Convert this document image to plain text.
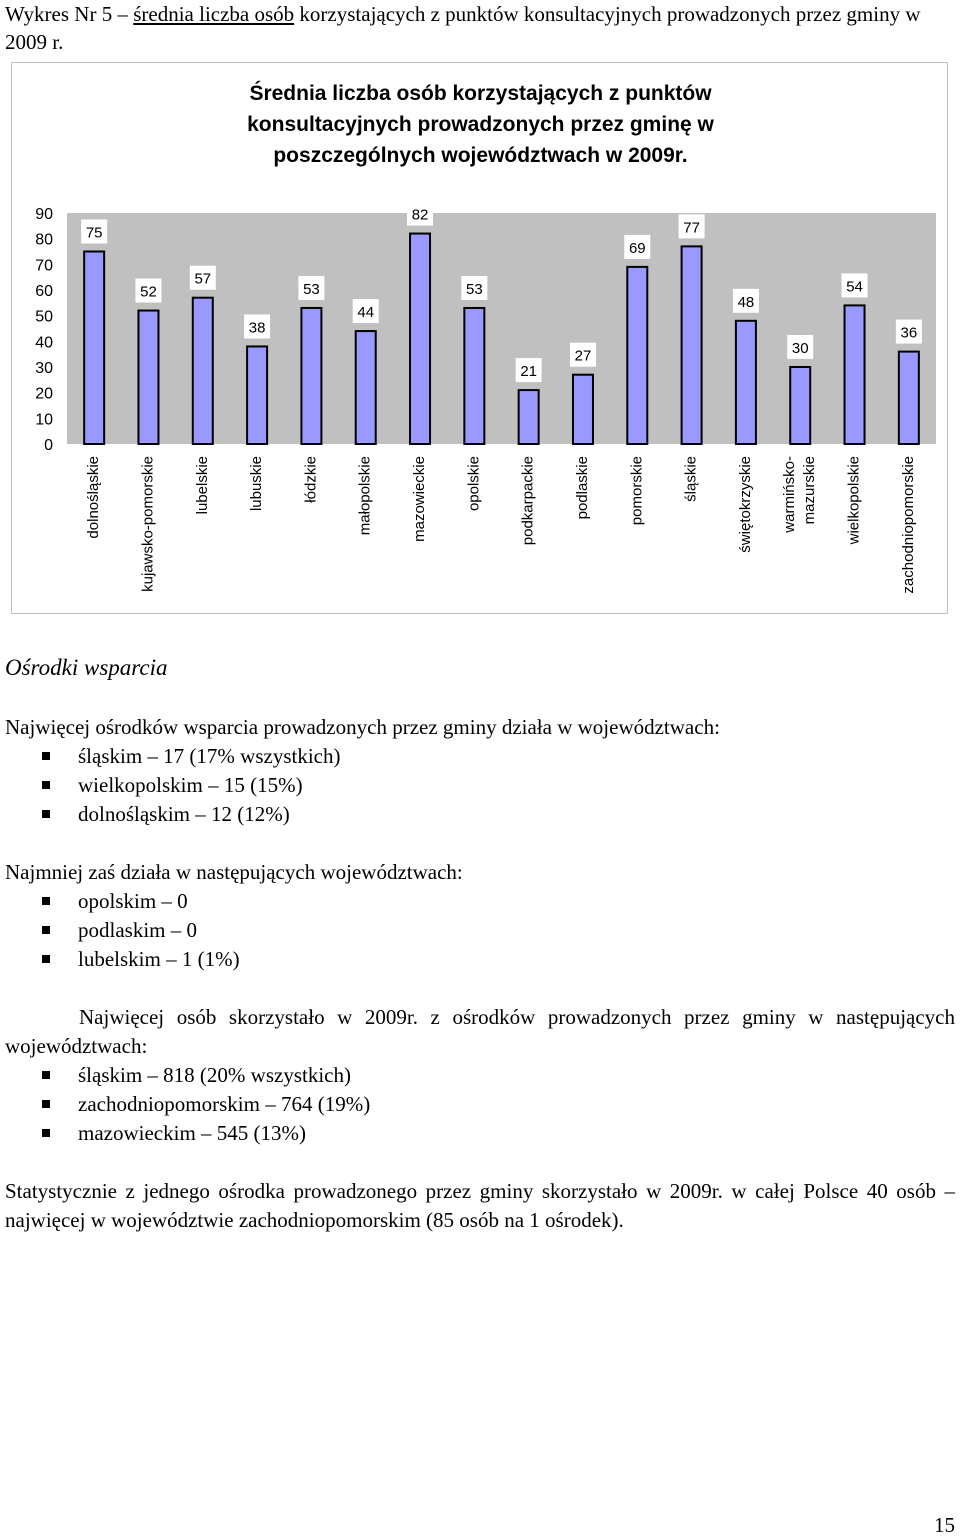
Wykres Nr 5 – średnia liczba osób korzystających z punktów konsultacyjnych prowadzonych przez gminy w 2009 r.
Średnia liczba osób korzystających z punktów
konsultacyjnych prowadzonych przez gminę w
poszczególnych województwach w 2009r.
0
10
20
30
40
50
60
70
80
90
75
dolnośląskie
52
kujawsko-pomorskie
57
lubelskie
38
lubuskie
53
łódzkie
44
małopolskie
82
mazowieckie
53
opolskie
21
podkarpackie
27
podlaskie
69
pomorskie
77
śląskie
48
świętokrzyskie
30
warmińsko- mazurskie
54
wielkopolskie
36
zachodniopomorskie
Ośrodki wsparcia
Najwięcej ośrodków wsparcia prowadzonych przez gminy działa w województwach:
śląskim – 17 (17% wszystkich)
wielkopolskim – 15 (15%)
dolnośląskim – 12 (12%)
Najmniej zaś działa w następujących województwach:
opolskim – 0
podlaskim – 0
lubelskim – 1 (1%)
Najwięcej osób skorzystało w 2009r. z ośrodków prowadzonych przez gminy w następujących województwach:
śląskim – 818 (20% wszystkich)
zachodniopomorskim – 764 (19%)
mazowieckim – 545 (13%)
Statystycznie z jednego ośrodka prowadzonego przez gminy skorzystało w 2009r. w całej Polsce 40 osób – najwięcej w województwie zachodniopomorskim (85 osób na 1 ośrodek).
15
